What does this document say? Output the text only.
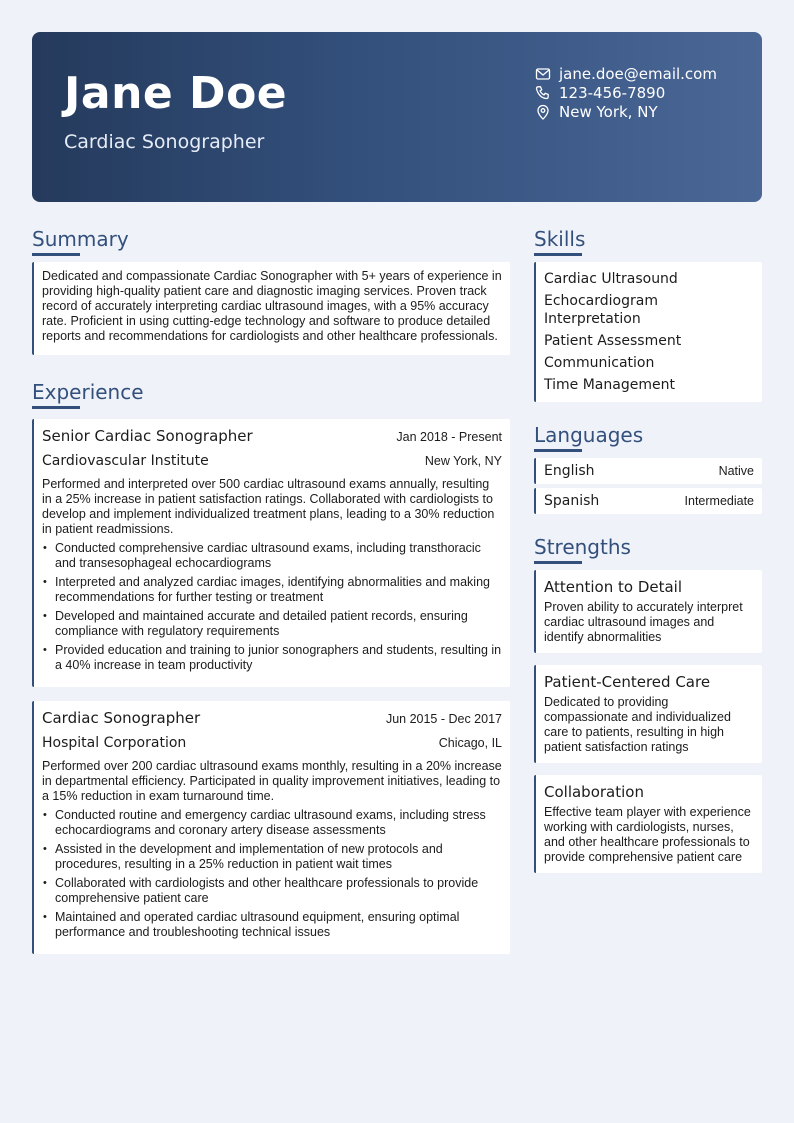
Jane Doe
Cardiac Sonographer
jane.doe@email.com
123-456-7890
New York, NY
Summary
Dedicated and compassionate Cardiac Sonographer with 5+ years of experience in providing high-quality patient care and diagnostic imaging services. Proven track record of accurately interpreting cardiac ultrasound images, with a 95% accuracy rate. Proficient in using cutting-edge technology and software to produce detailed reports and recommendations for cardiologists and other healthcare professionals.
Experience
Senior Cardiac Sonographer	Jan 2018 - Present
Cardiovascular Institute	New York, NY
Performed and interpreted over 500 cardiac ultrasound exams annually, resulting in a 25% increase in patient satisfaction ratings. Collaborated with cardiologists to develop and implement individualized treatment plans, leading to a 30% reduction in patient readmissions.
• Conducted comprehensive cardiac ultrasound exams, including transthoracic and transesophageal echocardiograms
• Interpreted and analyzed cardiac images, identifying abnormalities and making recommendations for further testing or treatment
• Developed and maintained accurate and detailed patient records, ensuring compliance with regulatory requirements
• Provided education and training to junior sonographers and students, resulting in a 40% increase in team productivity
Cardiac Sonographer	Jun 2015 - Dec 2017
Hospital Corporation	Chicago, IL
Performed over 200 cardiac ultrasound exams monthly, resulting in a 20% increase in departmental efficiency. Participated in quality improvement initiatives, leading to a 15% reduction in exam turnaround time.
• Conducted routine and emergency cardiac ultrasound exams, including stress echocardiograms and coronary artery disease assessments
• Assisted in the development and implementation of new protocols and procedures, resulting in a 25% reduction in patient wait times
• Collaborated with cardiologists and other healthcare professionals to provide comprehensive patient care
• Maintained and operated cardiac ultrasound equipment, ensuring optimal performance and troubleshooting technical issues
Skills
Cardiac Ultrasound
Echocardiogram Interpretation
Patient Assessment
Communication
Time Management
Languages
English	Native
Spanish	Intermediate
Strengths
Attention to Detail
Proven ability to accurately interpret cardiac ultrasound images and identify abnormalities
Patient-Centered Care
Dedicated to providing compassionate and individualized care to patients, resulting in high patient satisfaction ratings
Collaboration
Effective team player with experience working with cardiologists, nurses, and other healthcare professionals to provide comprehensive patient care
